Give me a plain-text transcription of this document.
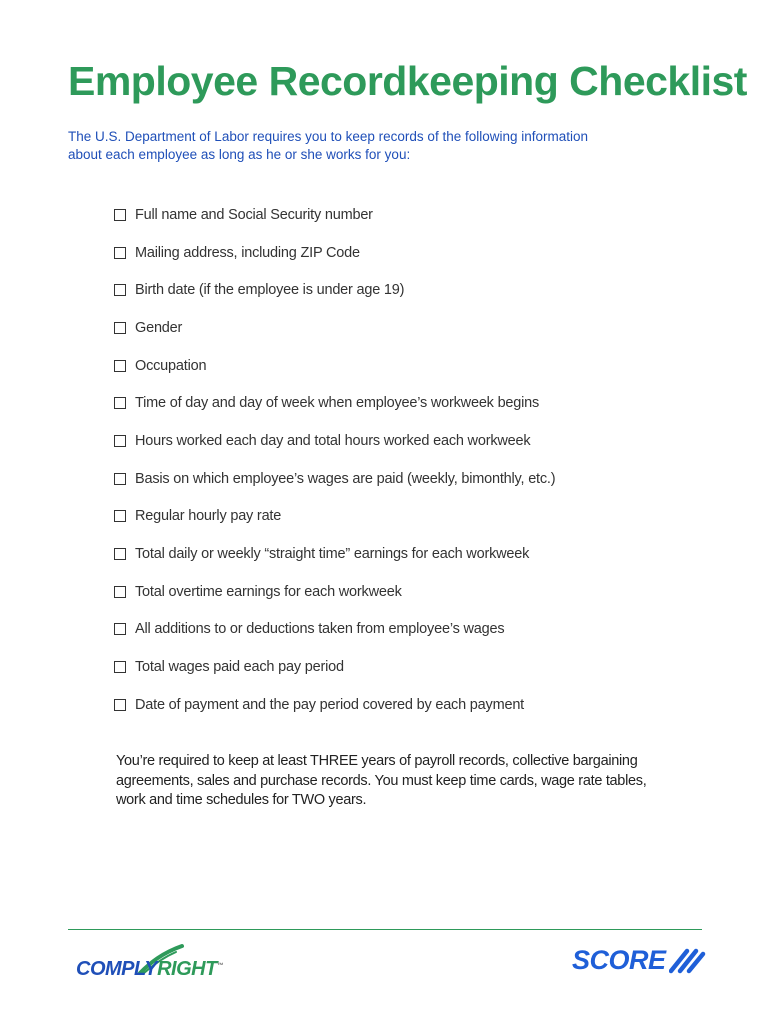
Employee Recordkeeping Checklist

The U.S. Department of Labor requires you to keep records of the following information
about each employee as long as he or she works for you:

Full name and Social Security number
Mailing address, including ZIP Code
Birth date (if the employee is under age 19)
Gender
Occupation
Time of day and day of week when employee’s workweek begins
Hours worked each day and total hours worked each workweek
Basis on which employee’s wages are paid (weekly, bimonthly, etc.)
Regular hourly pay rate
Total daily or weekly “straight time” earnings for each workweek
Total overtime earnings for each workweek
All additions to or deductions taken from employee’s wages
Total wages paid each pay period
Date of payment and the pay period covered by each payment

You’re required to keep at least THREE years of payroll records, collective bargaining
agreements, sales and purchase records. You must keep time cards, wage rate tables,
work and time schedules for TWO years.

COMPLYRIGHT™	SCORE
